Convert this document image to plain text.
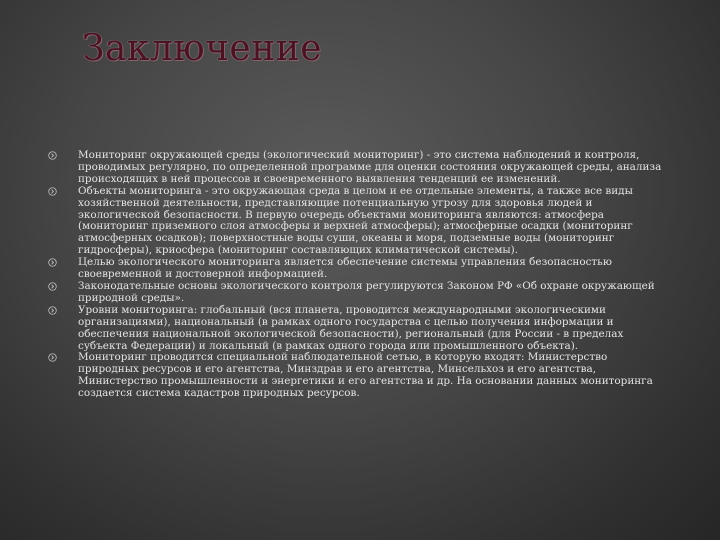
Заключение
Мониторинг окружающей среды (экологический мониторинг) - это система наблюдений и контроля, проводимых регулярно, по определенной программе для оценки состояния окружающей среды, анализа происходящих в ней процессов и своевременного выявления тенденций ее изменений.
Объекты мониторинга - это окружающая среда в целом и ее отдельные элементы, а также все виды хозяйственной деятельности, представляющие потенциальную угрозу для здоровья людей и экологической безопасности. В первую очередь объектами мониторинга являются: атмосфера (мониторинг приземного слоя атмосферы и верхней атмосферы); атмосферные осадки (мониторинг атмосферных осадков); поверхностные воды суши, океаны и моря, подземные воды (мониторинг гидросферы), криосфера (мониторинг составляющих климатической системы).
Целью экологического мониторинга является обеспечение системы управления безопасностью своевременной и достоверной информацией.
Законодательные основы экологического контроля регулируются Законом РФ «Об охране окружающей природной среды».
Уровни мониторинга: глобальный (вся планета, проводится международными экологическими организациями), национальный (в рамках одного государства с целью получения информации и обеспечения национальной экологической безопасности), региональный (для России - в пределах субъекта Федерации) и локальный (в рамках одного города или промышленного объекта).
Мониторинг проводится специальной наблюдательной сетью, в которую входят: Министерство природных ресурсов и его агентства, Минздрав и его агентства, Минсельхоз и его агентства, Министерство промышленности и энергетики и его агентства и др. На основании данных мониторинга создается система кадастров природных ресурсов.
